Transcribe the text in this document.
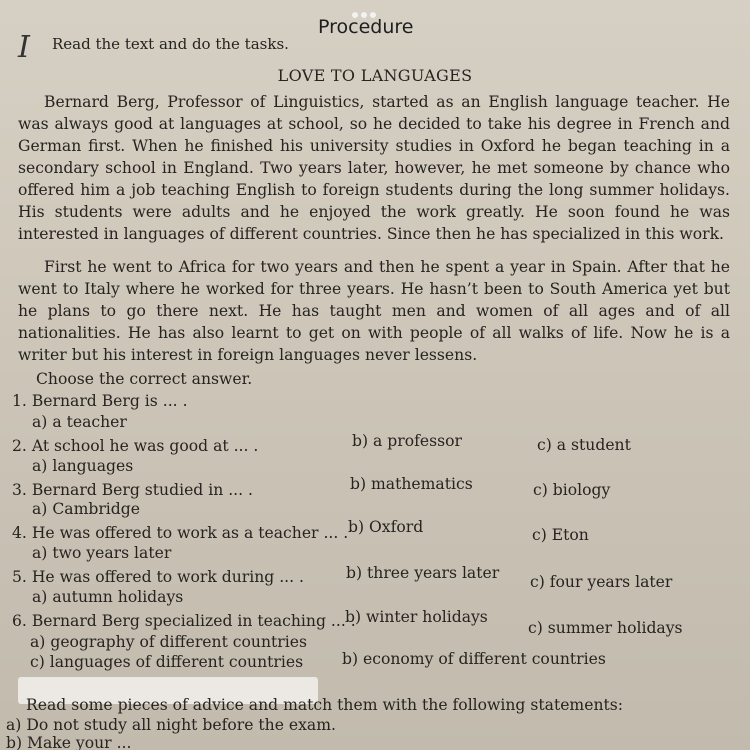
Procedure
I Read the text and do the tasks.
LOVE TO LANGUAGES
Bernard Berg, Professor of Linguistics, started as an English language teacher. He was always good at languages at school, so he decided to take his degree in French and German first. When he finished his university studies in Oxford he began teaching in a secondary school in England. Two years later, however, he met someone by chance who offered him a job teaching English to foreign students during the long summer holidays. His students were adults and he enjoyed the work greatly. He soon found he was interested in languages of different countries. Since then he has specialized in this work.
First he went to Africa for two years and then he spent a year in Spain. After that he went to Italy where he worked for three years. He hasn’t been to South America yet but he plans to go there next. He has taught men and women of all ages and of all nationalities. He has also learnt to get on with people of all walks of life. Now he is a writer but his interest in foreign languages never lessens.
Choose the correct answer.
1. Bernard Berg is ... .
a) a teacher
b) a professor	c) a student
2. At school he was good at ... .
a) languages
b) mathematics	c) biology
3. Bernard Berg studied in ... .
a) Cambridge
b) Oxford	c) Eton
4. He was offered to work as a teacher ... .
a) two years later
b) three years later c) four years later
5. He was offered to work during ... .
a) autumn holidays
b) winter holidays
c) summer holidays
6. Bernard Berg specialized in teaching ... .
a) geography of different countries
b) economy of different countries
c) languages of different countries
Read some pieces of advice and match them with the following statements:
a) Do not study all night before the exam.
b) Make your ...
